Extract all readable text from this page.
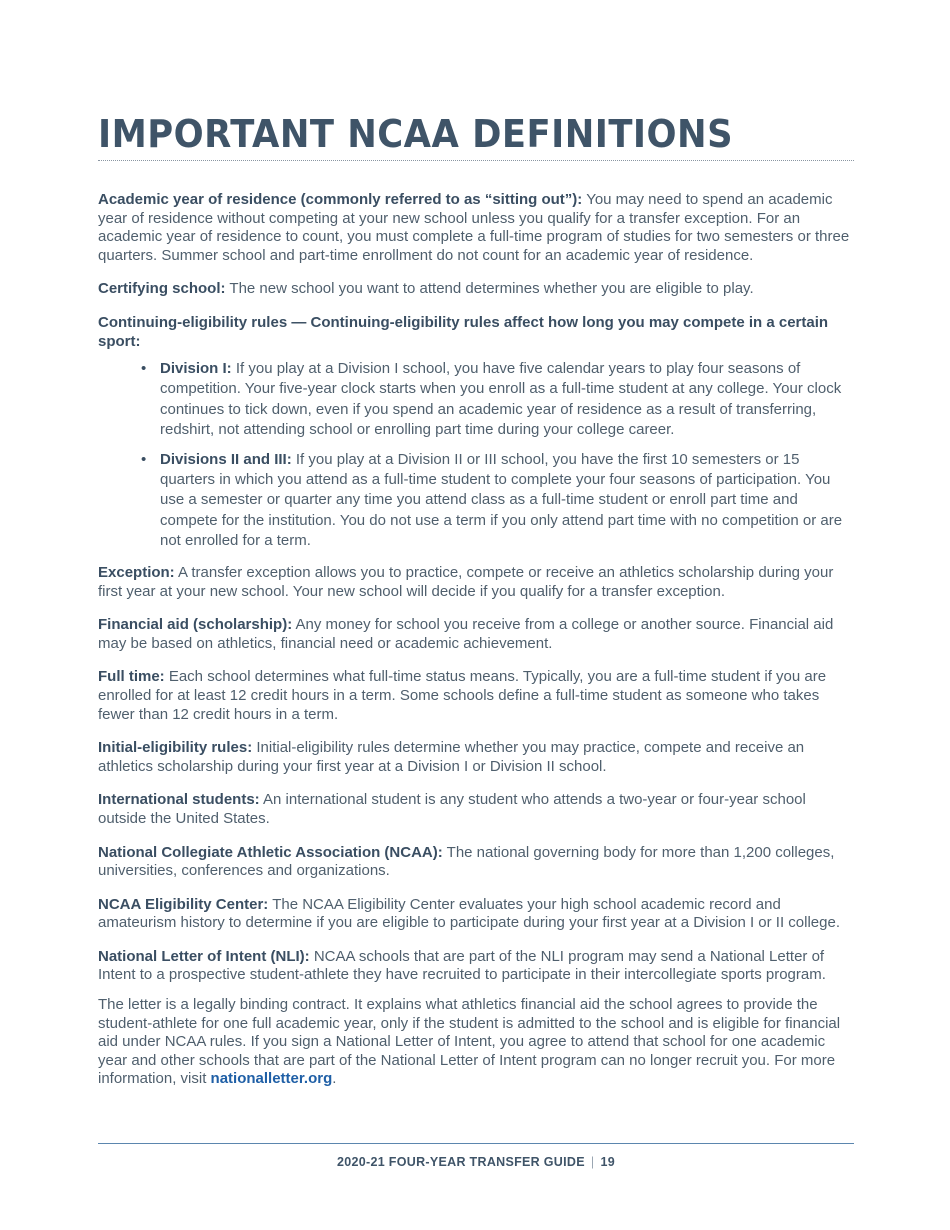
IMPORTANT NCAA DEFINITIONS

Academic year of residence (commonly referred to as “sitting out”): You may need to spend an academic year of residence without competing at your new school unless you qualify for a transfer exception. For an academic year of residence to count, you must complete a full-time program of studies for two semesters or three quarters. Summer school and part-time enrollment do not count for an academic year of residence.

Certifying school: The new school you want to attend determines whether you are eligible to play.

Continuing-eligibility rules — Continuing-eligibility rules affect how long you may compete in a certain sport:

• Division I: If you play at a Division I school, you have five calendar years to play four seasons of competition. Your five-year clock starts when you enroll as a full-time student at any college. Your clock continues to tick down, even if you spend an academic year of residence as a result of transferring, redshirt, not attending school or enrolling part time during your college career.
• Divisions II and III: If you play at a Division II or III school, you have the first 10 semesters or 15 quarters in which you attend as a full-time student to complete your four seasons of participation. You use a semester or quarter any time you attend class as a full-time student or enroll part time and compete for the institution. You do not use a term if you only attend part time with no competition or are not enrolled for a term.

Exception: A transfer exception allows you to practice, compete or receive an athletics scholarship during your first year at your new school. Your new school will decide if you qualify for a transfer exception.

Financial aid (scholarship): Any money for school you receive from a college or another source. Financial aid may be based on athletics, financial need or academic achievement.

Full time: Each school determines what full-time status means. Typically, you are a full-time student if you are enrolled for at least 12 credit hours in a term. Some schools define a full-time student as someone who takes fewer than 12 credit hours in a term.

Initial-eligibility rules: Initial-eligibility rules determine whether you may practice, compete and receive an athletics scholarship during your first year at a Division I or Division II school.

International students: An international student is any student who attends a two-year or four-year school outside the United States.

National Collegiate Athletic Association (NCAA): The national governing body for more than 1,200 colleges, universities, conferences and organizations.

NCAA Eligibility Center: The NCAA Eligibility Center evaluates your high school academic record and amateurism history to determine if you are eligible to participate during your first year at a Division I or II college.

National Letter of Intent (NLI): NCAA schools that are part of the NLI program may send a National Letter of Intent to a prospective student-athlete they have recruited to participate in their intercollegiate sports program.

The letter is a legally binding contract. It explains what athletics financial aid the school agrees to provide the student-athlete for one full academic year, only if the student is admitted to the school and is eligible for financial aid under NCAA rules. If you sign a National Letter of Intent, you agree to attend that school for one academic year and other schools that are part of the National Letter of Intent program can no longer recruit you. For more information, visit nationalletter.org.

2020-21 FOUR-YEAR TRANSFER GUIDE | 19
